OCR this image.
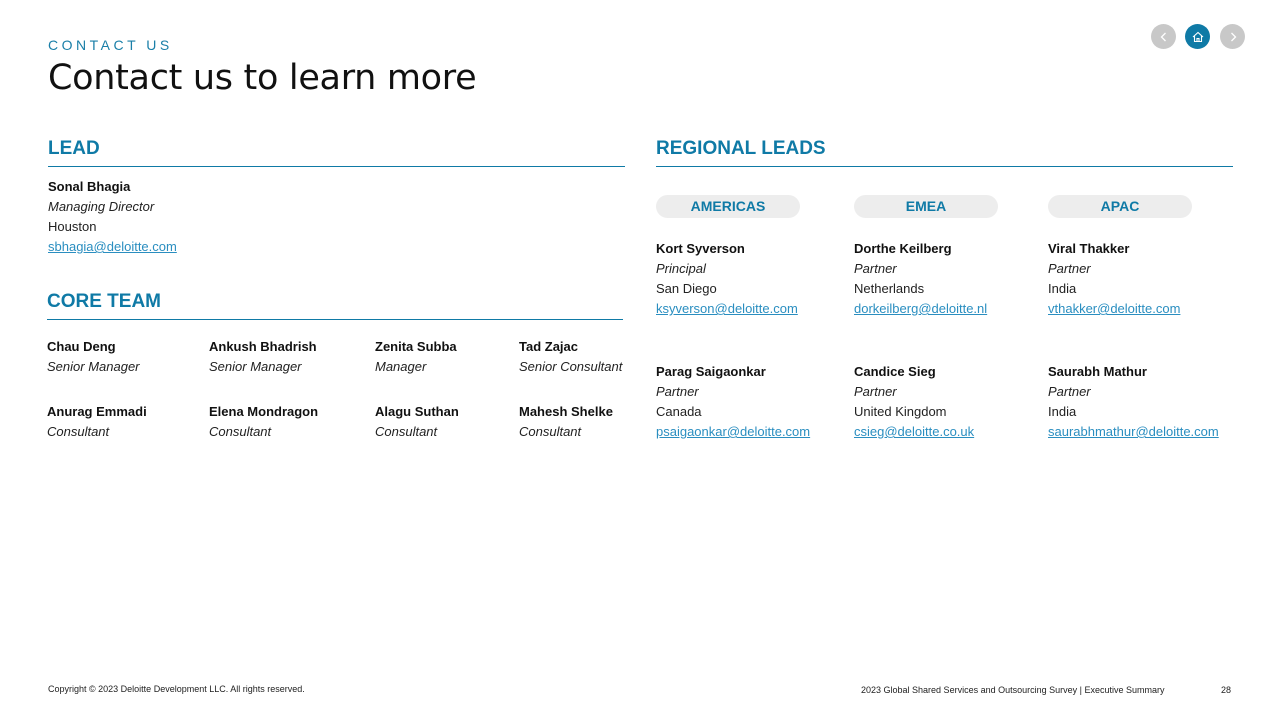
CONTACT US
Contact us to learn more
LEAD
Sonal Bhagia
Managing Director
Houston
sbhagia@deloitte.com
CORE TEAM
Chau Deng
Senior Manager
Ankush Bhadrish
Senior Manager
Zenita Subba
Manager
Tad Zajac
Senior Consultant
Anurag Emmadi
Consultant
Elena Mondragon
Consultant
Alagu Suthan
Consultant
Mahesh Shelke
Consultant
REGIONAL LEADS
AMERICAS	EMEA	APAC
Kort Syverson
Principal
San Diego
ksyverson@deloitte.com
Parag Saigaonkar
Partner
Canada
psaigaonkar@deloitte.com
Dorthe Keilberg
Partner
Netherlands
dorkeilberg@deloitte.nl
Candice Sieg
Partner
United Kingdom
csieg@deloitte.co.uk
Viral Thakker
Partner
India
vthakker@deloitte.com
Saurabh Mathur
Partner
India
saurabhmathur@deloitte.com
Copyright © 2023 Deloitte Development LLC. All rights reserved.	2023 Global Shared Services and Outsourcing Survey | Executive Summary	28
